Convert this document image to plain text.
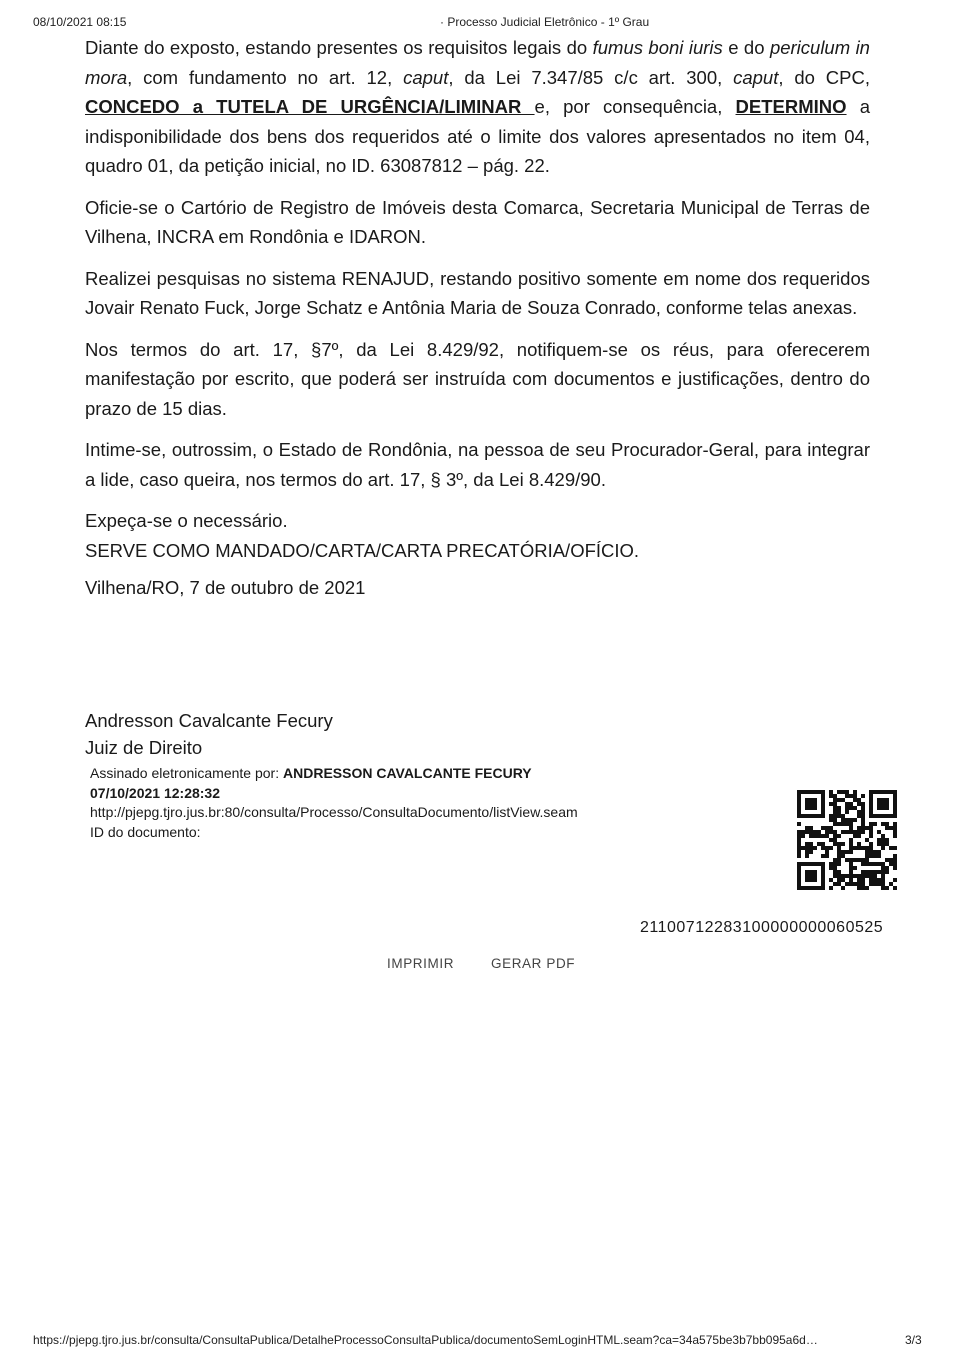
08/10/2021 08:15	· Processo Judicial Eletrônico - 1º Grau

Diante do exposto, estando presentes os requisitos legais do fumus boni iuris e do periculum in mora, com fundamento no art. 12, caput, da Lei 7.347/85 c/c art. 300, caput, do CPC, CONCEDO a TUTELA DE URGÊNCIA/LIMINAR e, por consequência, DETERMINO a indisponibilidade dos bens dos requeridos até o limite dos valores apresentados no item 04, quadro 01, da petição inicial, no ID. 63087812 – pág. 22.

Oficie-se o Cartório de Registro de Imóveis desta Comarca, Secretaria Municipal de Terras de Vilhena, INCRA em Rondônia e IDARON.

Realizei pesquisas no sistema RENAJUD, restando positivo somente em nome dos requeridos Jovair Renato Fuck, Jorge Schatz e Antônia Maria de Souza Conrado, conforme telas anexas.

Nos termos do art. 17, §7º, da Lei 8.429/92, notifiquem-se os réus, para oferecerem manifestação por escrito, que poderá ser instruída com documentos e justificações, dentro do prazo de 15 dias.

Intime-se, outrossim, o Estado de Rondônia, na pessoa de seu Procurador-Geral, para integrar a lide, caso queira, nos termos do art. 17, § 3º, da Lei 8.429/90.

Expeça-se o necessário.

SERVE COMO MANDADO/CARTA/CARTA PRECATÓRIA/OFÍCIO.

Vilhena/RO, 7 de outubro de 2021

Andresson Cavalcante Fecury
Juiz de Direito
Assinado eletronicamente por: ANDRESSON CAVALCANTE FECURY
07/10/2021 12:28:32
http://pjepg.tjro.jus.br:80/consulta/Processo/ConsultaDocumento/listView.seam
ID do documento:
21100712283100000000060525
IMPRIMIR	GERAR PDF
https://pjepg.tjro.jus.br/consulta/ConsultaPublica/DetalheProcessoConsultaPublica/documentoSemLoginHTML.seam?ca=34a575be3b7bb095a6d…	3/3
